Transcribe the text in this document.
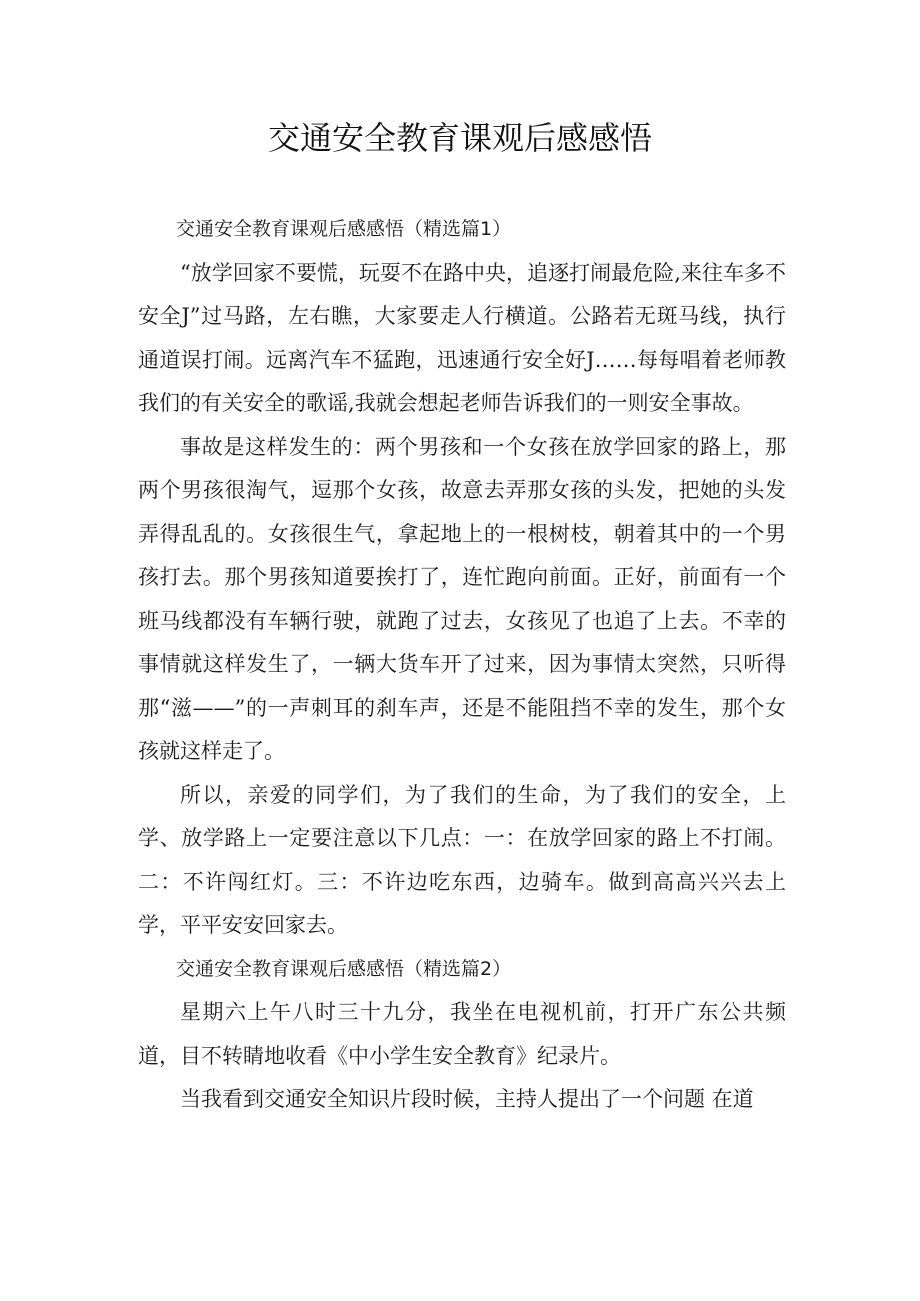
交通安全教育课观后感感悟

交通安全教育课观后感感悟（精选篇1）

“放学回家不要慌，玩耍不在路中央，追逐打闹最危险,来往车多不安全J”过马路，左右瞧，大家要走人行横道。公路若无斑马线，执行通道误打闹。远离汽车不猛跑，迅速通行安全好J……每每唱着老师教我们的有关安全的歌谣,我就会想起老师告诉我们的一则安全事故。

事故是这样发生的：两个男孩和一个女孩在放学回家的路上，那两个男孩很淘气，逗那个女孩，故意去弄那女孩的头发，把她的头发弄得乱乱的。女孩很生气，拿起地上的一根树枝，朝着其中的一个男孩打去。那个男孩知道要挨打了，连忙跑向前面。正好，前面有一个班马线都没有车辆行驶，就跑了过去，女孩见了也追了上去。不幸的事情就这样发生了，一辆大货车开了过来，因为事情太突然，只听得那“滋——”的一声刺耳的刹车声，还是不能阻挡不幸的发生，那个女孩就这样走了。

所以，亲爱的同学们，为了我们的生命，为了我们的安全，上学、放学路上一定要注意以下几点：一：在放学回家的路上不打闹。二：不许闯红灯。三：不许边吃东西，边骑车。做到高高兴兴去上学，平平安安回家去。

交通安全教育课观后感感悟（精选篇2）

星期六上午八时三十九分，我坐在电视机前，打开广东公共频道，目不转睛地收看《中小学生安全教育》纪录片。

当我看到交通安全知识片段时候，主持人提出了一个问题 在道
